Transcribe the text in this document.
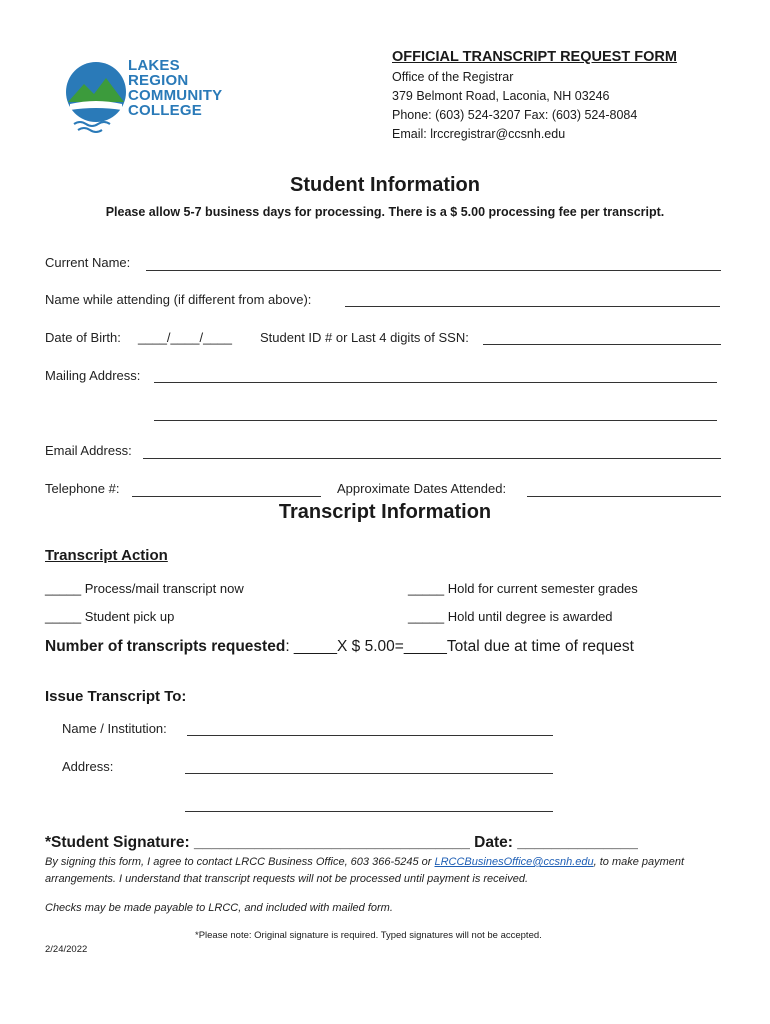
LAKES
REGION
COMMUNITY
COLLEGE
OFFICIAL TRANSCRIPT REQUEST FORM
Office of the Registrar
379 Belmont Road, Laconia, NH 03246
Phone: (603) 524-3207 Fax: (603) 524-8084
Email: lrccregistrar@ccsnh.edu
Student Information
Please allow 5-7 business days for processing. There is a $ 5.00 processing fee per transcript.
Current Name:
Name while attending (if different from above):
Date of Birth: ____/____/____ Student ID # or Last 4 digits of SSN:
Mailing Address:
Email Address:
Telephone #:	Approximate Dates Attended:
Transcript Information
Transcript Action
_____ Process/mail transcript now	_____ Hold for current semester grades
_____ Student pick up	_____ Hold until degree is awarded
Number of transcripts requested: _____X $ 5.00=_____Total due at time of request
Issue Transcript To:
Name / Institution:
Address:
*Student Signature: ________________________________ Date: ______________
By signing this form, I agree to contact LRCC Business Office, 603 366-5245 or LRCCBusinesOffice@ccsnh.edu, to make payment
arrangements. I understand that transcript requests will not be processed until payment is received.
Checks may be made payable to LRCC, and included with mailed form.
*Please note: Original signature is required. Typed signatures will not be accepted.
2/24/2022
